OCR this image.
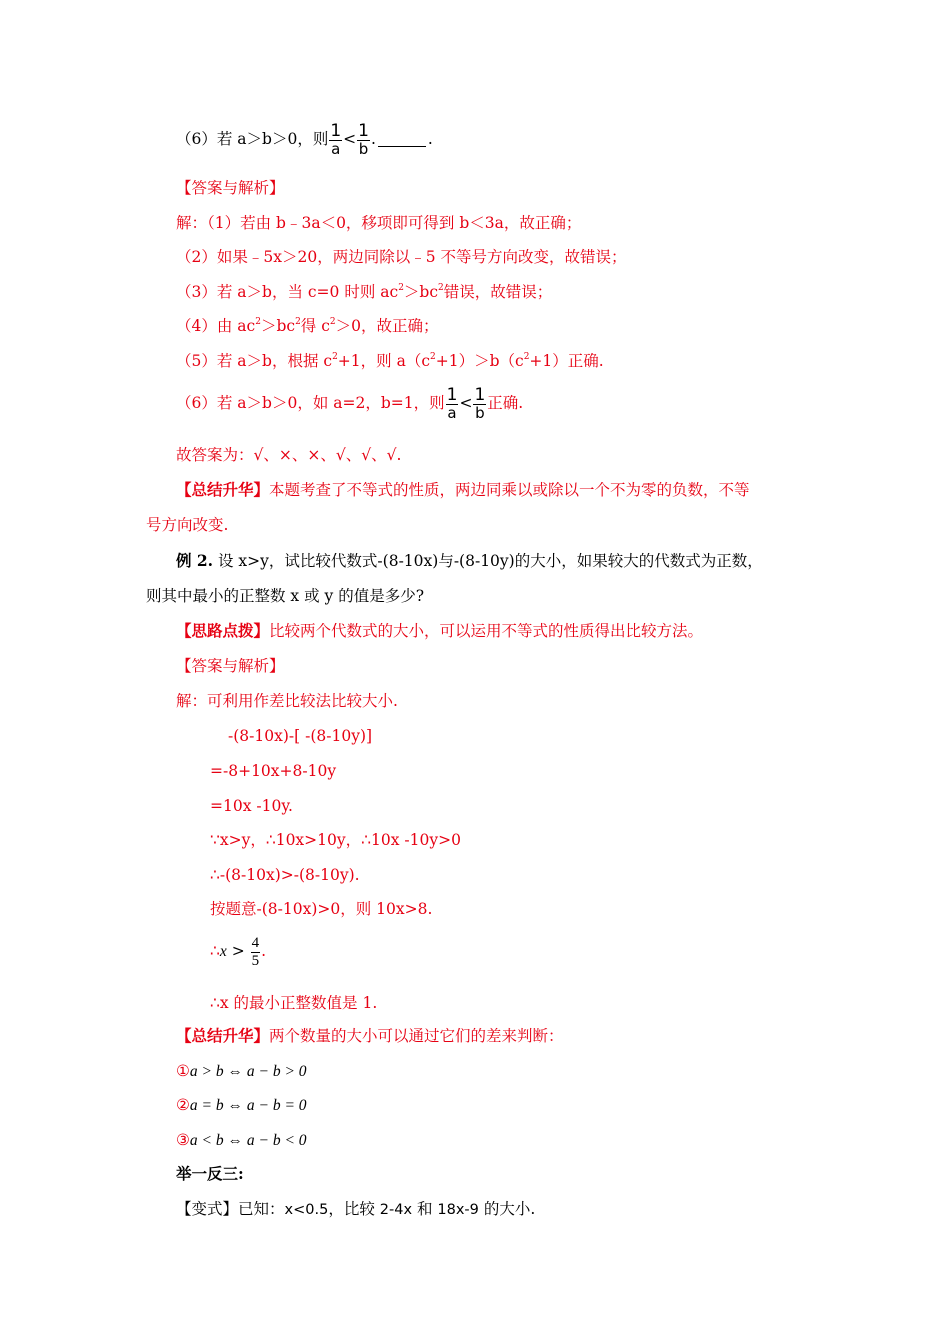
（6）若 a＞b＞0，则 $\frac{1}{a} < \frac{1}{b}$ .	.
【答案与解析】
解：（1）若由 b﹣3a＜0，移项即可得到 b＜3a，故正确；
（2）如果﹣5x＞20，两边同除以﹣5 不等号方向改变，故错误；
（3）若 a＞b，当 c=0 时则 $ac^2>bc^2$错误，故错误；
（4）由 $ac^2>bc^2$得 $c^2>0$，故正确；
（5）若 a＞b，根据 $c^2+1$，则 $a(c^2+1)>b(c^2+1)$正确.
（6）若 a＞b＞0，如 a=2，b=1，则 $\frac{1}{a} < \frac{1}{b}$ 正确.
故答案为：√、×、×、√、√、√.
【总结升华】本题考查了不等式的性质，两边同乘以或除以一个不为零的负数，不等
号方向改变.
例 2. 设 x>y，试比较代数式-(8-10x)与-(8-10y)的大小，如果较大的代数式为正数，
则其中最小的正整数 x 或 y 的值是多少?
【思路点拨】比较两个代数式的大小，可以运用不等式的性质得出比较方法。
【答案与解析】
解：可利用作差比较法比较大小.
-(8-10x)-[ -(8-10y)]
=-8+10x+8-10y
=10x -10y.
∵x>y，∴10x>10y，∴10x -10y>0
∴-(8-10x)>-(8-10y).
按题意-(8-10x)>0，则 10x>8.
∴x > $\frac{4}{5}$ .
∴x 的最小正整数值是 1.
【总结升华】两个数量的大小可以通过它们的差来判断：
①a > b ⇔ a − b > 0
②a = b ⇔ a − b = 0
③a < b ⇔ a − b < 0
举一反三:
【变式】已知：x<0.5，比较 2-4x 和 18x-9 的大小.
